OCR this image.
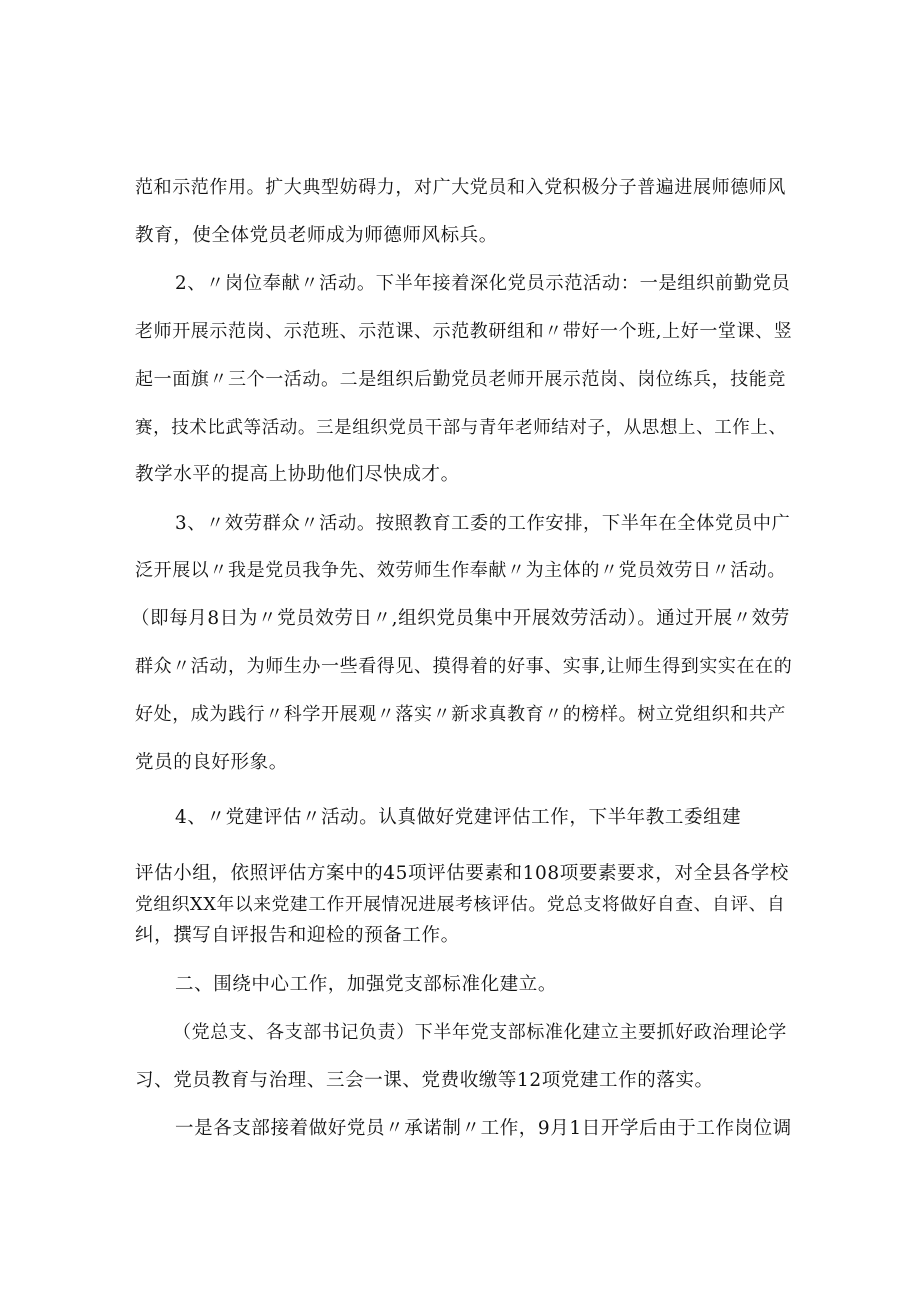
范和示范作用。扩大典型妨碍力，对广大党员和入党积极分子普遍进展师德师风
教育，使全体党员老师成为师德师风标兵。
2、〃岗位奉献〃活动。下半年接着深化党员示范活动：一是组织前勤党员
老师开展示范岗、示范班、示范课、示范教研组和〃带好一个班,上好一堂课、竖
起一面旗〃三个一活动。二是组织后勤党员老师开展示范岗、岗位练兵，技能竞
赛，技术比武等活动。三是组织党员干部与青年老师结对子，从思想上、工作上、
教学水平的提高上协助他们尽快成才。
3、〃效劳群众〃活动。按照教育工委的工作安排，下半年在全体党员中广
泛开展以〃我是党员我争先、效劳师生作奉献〃为主体的〃党员效劳日〃活动。
（即每月8日为〃党员效劳日〃,组织党员集中开展效劳活动）。通过开展〃效劳
群众〃活动，为师生办一些看得见、摸得着的好事、实事,让师生得到实实在在的
好处，成为践行〃科学开展观〃落实〃新求真教育〃的榜样。树立党组织和共产
党员的良好形象。
4、〃党建评估〃活动。认真做好党建评估工作，下半年教工委组建
评估小组，依照评估方案中的45项评估要素和108项要素要求，对全县各学校
党组织XX年以来党建工作开展情况进展考核评估。党总支将做好自查、自评、自
纠，撰写自评报告和迎检的预备工作。
二、围绕中心工作，加强党支部标准化建立。
（党总支、各支部书记负责）下半年党支部标准化建立主要抓好政治理论学
习、党员教育与治理、三会一课、党费收缴等12项党建工作的落实。
一是各支部接着做好党员〃承诺制〃工作，9月1日开学后由于工作岗位调
